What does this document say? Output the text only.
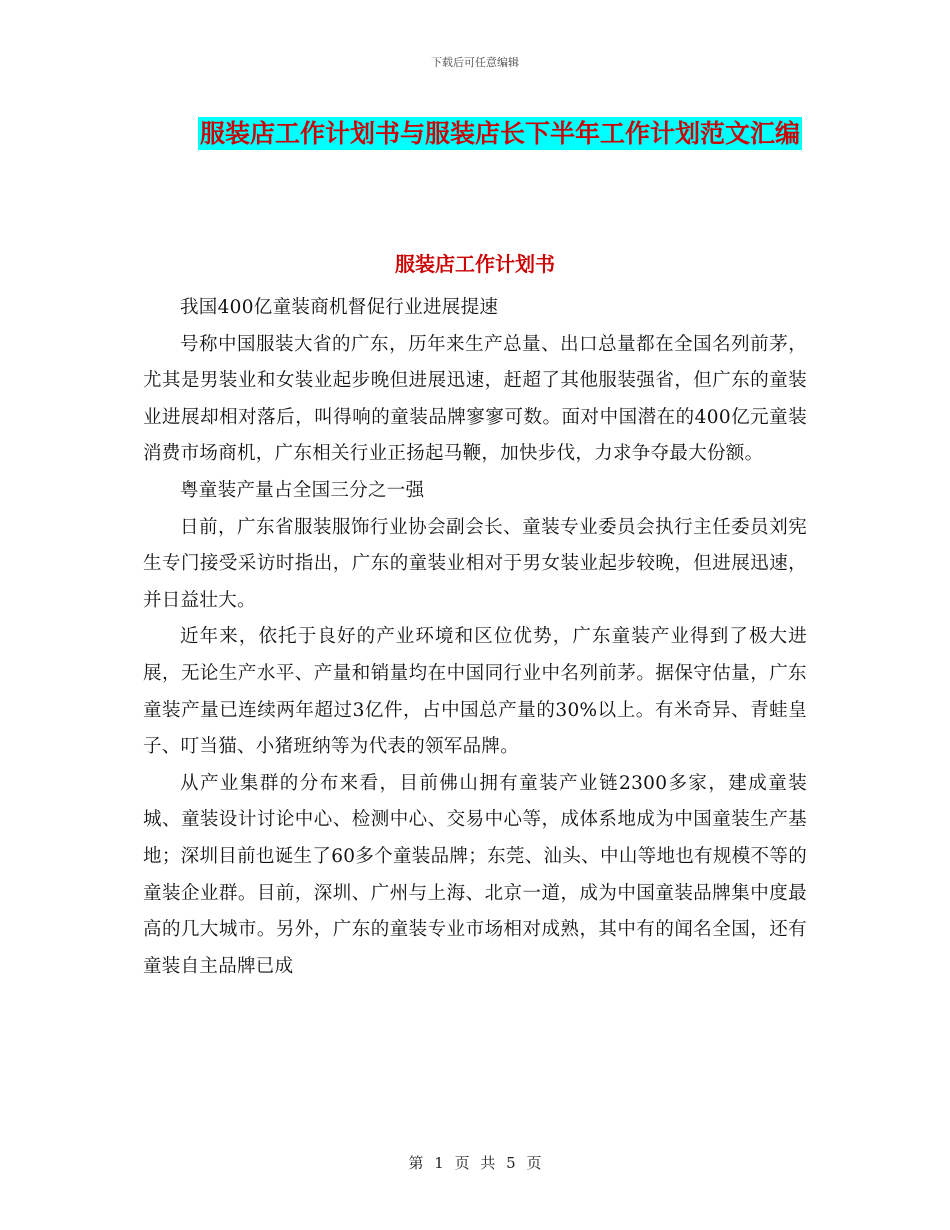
下载后可任意编辑
服装店工作计划书与服装店长下半年工作计划范文汇编
服装店工作计划书

我国400亿童装商机督促行业进展提速

号称中国服装大省的广东，历年来生产总量、出口总量都在全国名列前茅，尤其是男装业和女装业起步晚但进展迅速，赶超了其他服装强省，但广东的童装业进展却相对落后，叫得响的童装品牌寥寥可数。面对中国潜在的400亿元童装消费市场商机，广东相关行业正扬起马鞭，加快步伐，力求争夺最大份额。

粤童装产量占全国三分之一强

日前，广东省服装服饰行业协会副会长、童装专业委员会执行主任委员刘宪生专门接受采访时指出，广东的童装业相对于男女装业起步较晚，但进展迅速，并日益壮大。

近年来，依托于良好的产业环境和区位优势，广东童装产业得到了极大进展，无论生产水平、产量和销量均在中国同行业中名列前茅。据保守估量，广东童装产量已连续两年超过3亿件，占中国总产量的30%以上。有米奇异、青蛙皇子、叮当猫、小猪班纳等为代表的领军品牌。

从产业集群的分布来看，目前佛山拥有童装产业链2300多家，建成童装城、童装设计讨论中心、检测中心、交易中心等，成体系地成为中国童装生产基地；深圳目前也诞生了60多个童装品牌；东莞、汕头、中山等地也有规模不等的童装企业群。目前，深圳、广州与上海、北京一道，成为中国童装品牌集中度最高的几大城市。另外，广东的童装专业市场相对成熟，其中有的闻名全国，还有童装自主品牌已成

第 1 页 共 5 页
